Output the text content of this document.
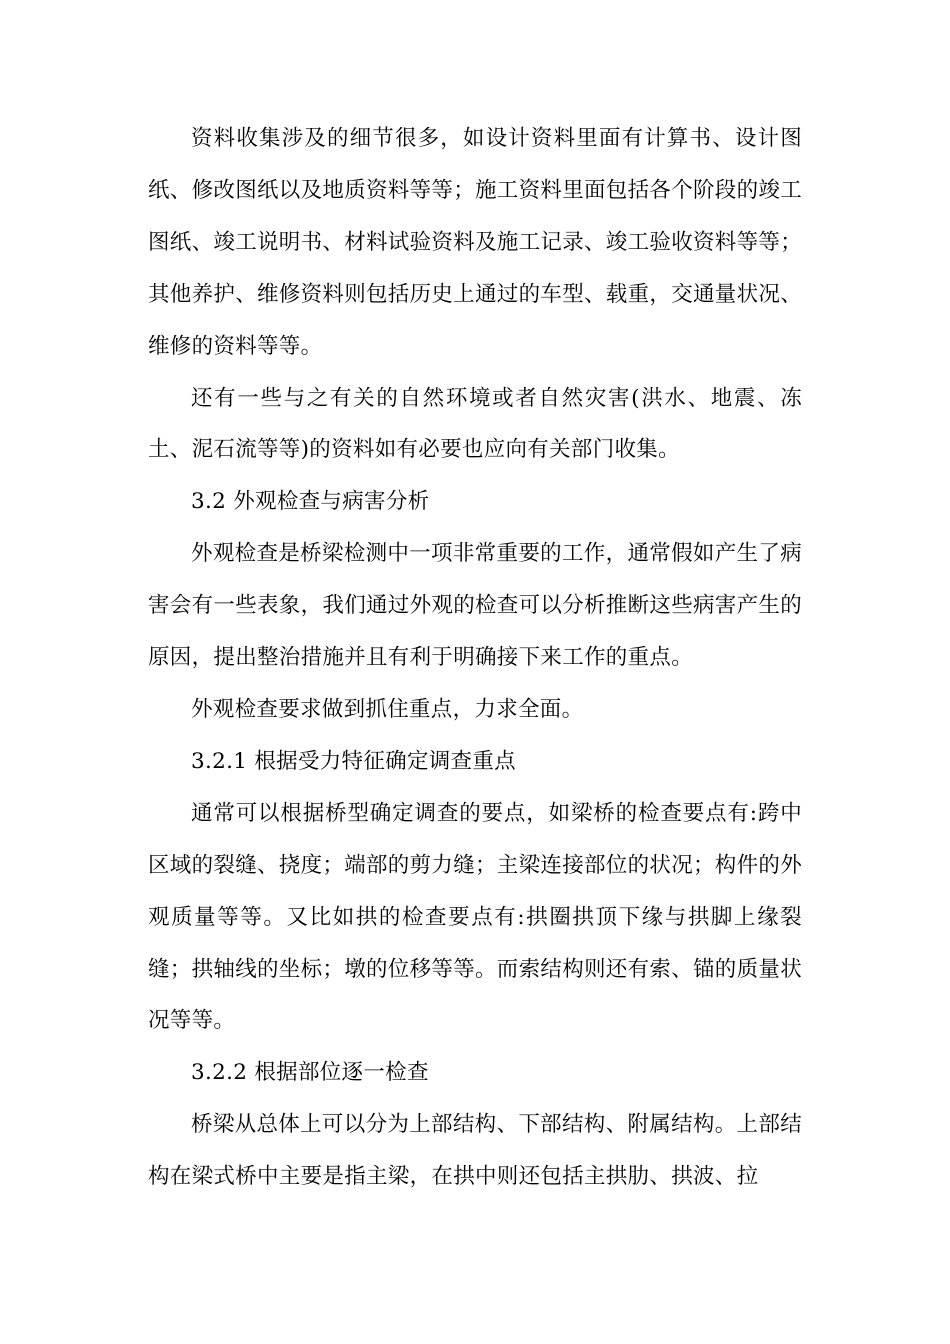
资料收集涉及的细节很多，如设计资料里面有计算书、设计图纸、修改图纸以及地质资料等等；施工资料里面包括各个阶段的竣工图纸、竣工说明书、材料试验资料及施工记录、竣工验收资料等等；其他养护、维修资料则包括历史上通过的车型、载重，交通量状况、维修的资料等等。

还有一些与之有关的自然环境或者自然灾害(洪水、地震、冻土、泥石流等等)的资料如有必要也应向有关部门收集。

3.2 外观检查与病害分析

外观检查是桥梁检测中一项非常重要的工作，通常假如产生了病害会有一些表象，我们通过外观的检查可以分析推断这些病害产生的原因，提出整治措施并且有利于明确接下来工作的重点。

外观检查要求做到抓住重点，力求全面。

3.2.1 根据受力特征确定调查重点

通常可以根据桥型确定调查的要点，如梁桥的检查要点有:跨中区域的裂缝、挠度；端部的剪力缝；主梁连接部位的状况；构件的外观质量等等。又比如拱的检查要点有:拱圈拱顶下缘与拱脚上缘裂缝；拱轴线的坐标；墩的位移等等。而索结构则还有索、锚的质量状况等等。

3.2.2 根据部位逐一检查

桥梁从总体上可以分为上部结构、下部结构、附属结构。上部结构在梁式桥中主要是指主梁，在拱中则还包括主拱肋、拱波、拉
